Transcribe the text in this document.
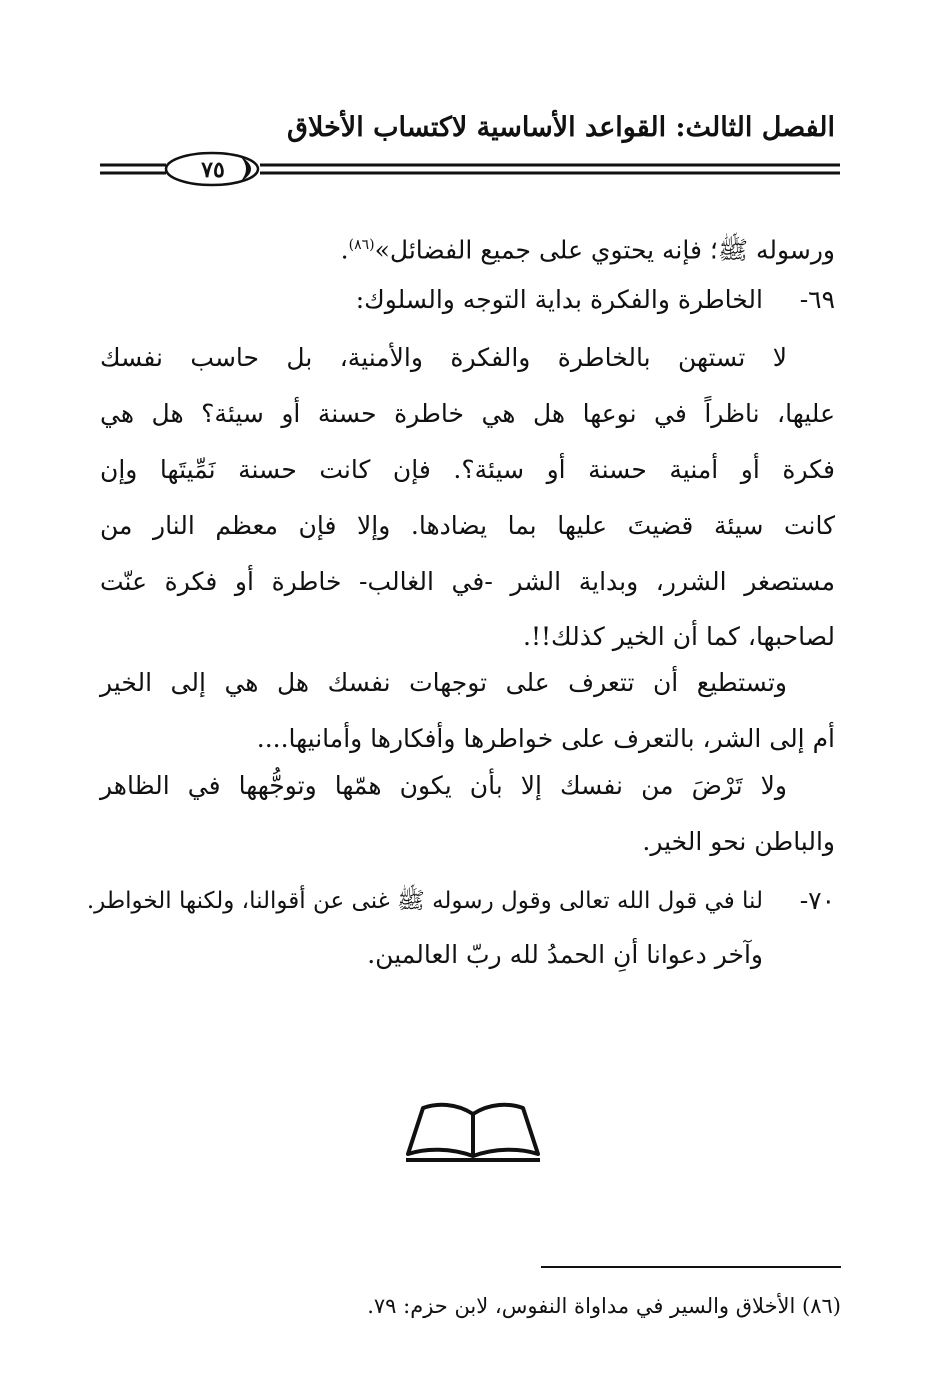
الفصل الثالث: القواعد الأساسية لاكتساب الأخلاق
٧٥
ورسوله ﷺ؛ فإنه يحتوي على جميع الفضائل»$^{(٨٦)}$.
٦٩-
الخاطرة والفكرة بداية التوجه والسلوك:
لا تستهن بالخاطرة والفكرة والأمنية، بل حاسب نفسك
عليها، ناظراً في نوعها هل هي خاطرة حسنة أو سيئة؟ هل هي
فكرة أو أمنية حسنة أو سيئة؟. فإن كانت حسنة نَمِّيتَها وإن
كانت سيئة قضيتَ عليها بما يضادها. وإلا فإن معظم النار من
مستصغر الشرر، وبداية الشر -في الغالب- خاطرة أو فكرة عنّت
لصاحبها، كما أن الخير كذلك!!.
وتستطيع أن تتعرف على توجهات نفسك هل هي إلى الخير
أم إلى الشر، بالتعرف على خواطرها وأفكارها وأمانيها....
ولا تَرْضَ من نفسك إلا بأن يكون همّها وتوجُّهها في الظاهر
والباطن نحو الخير.
٧٠-
لنا في قول الله تعالى وقول رسوله ﷺ غنى عن أقوالنا، ولكنها الخواطر.
وآخر دعوانا أنِ الحمدُ لله ربّ العالمين.
(٨٦) الأخلاق والسير في مداواة النفوس، لابن حزم: ٧٩.
